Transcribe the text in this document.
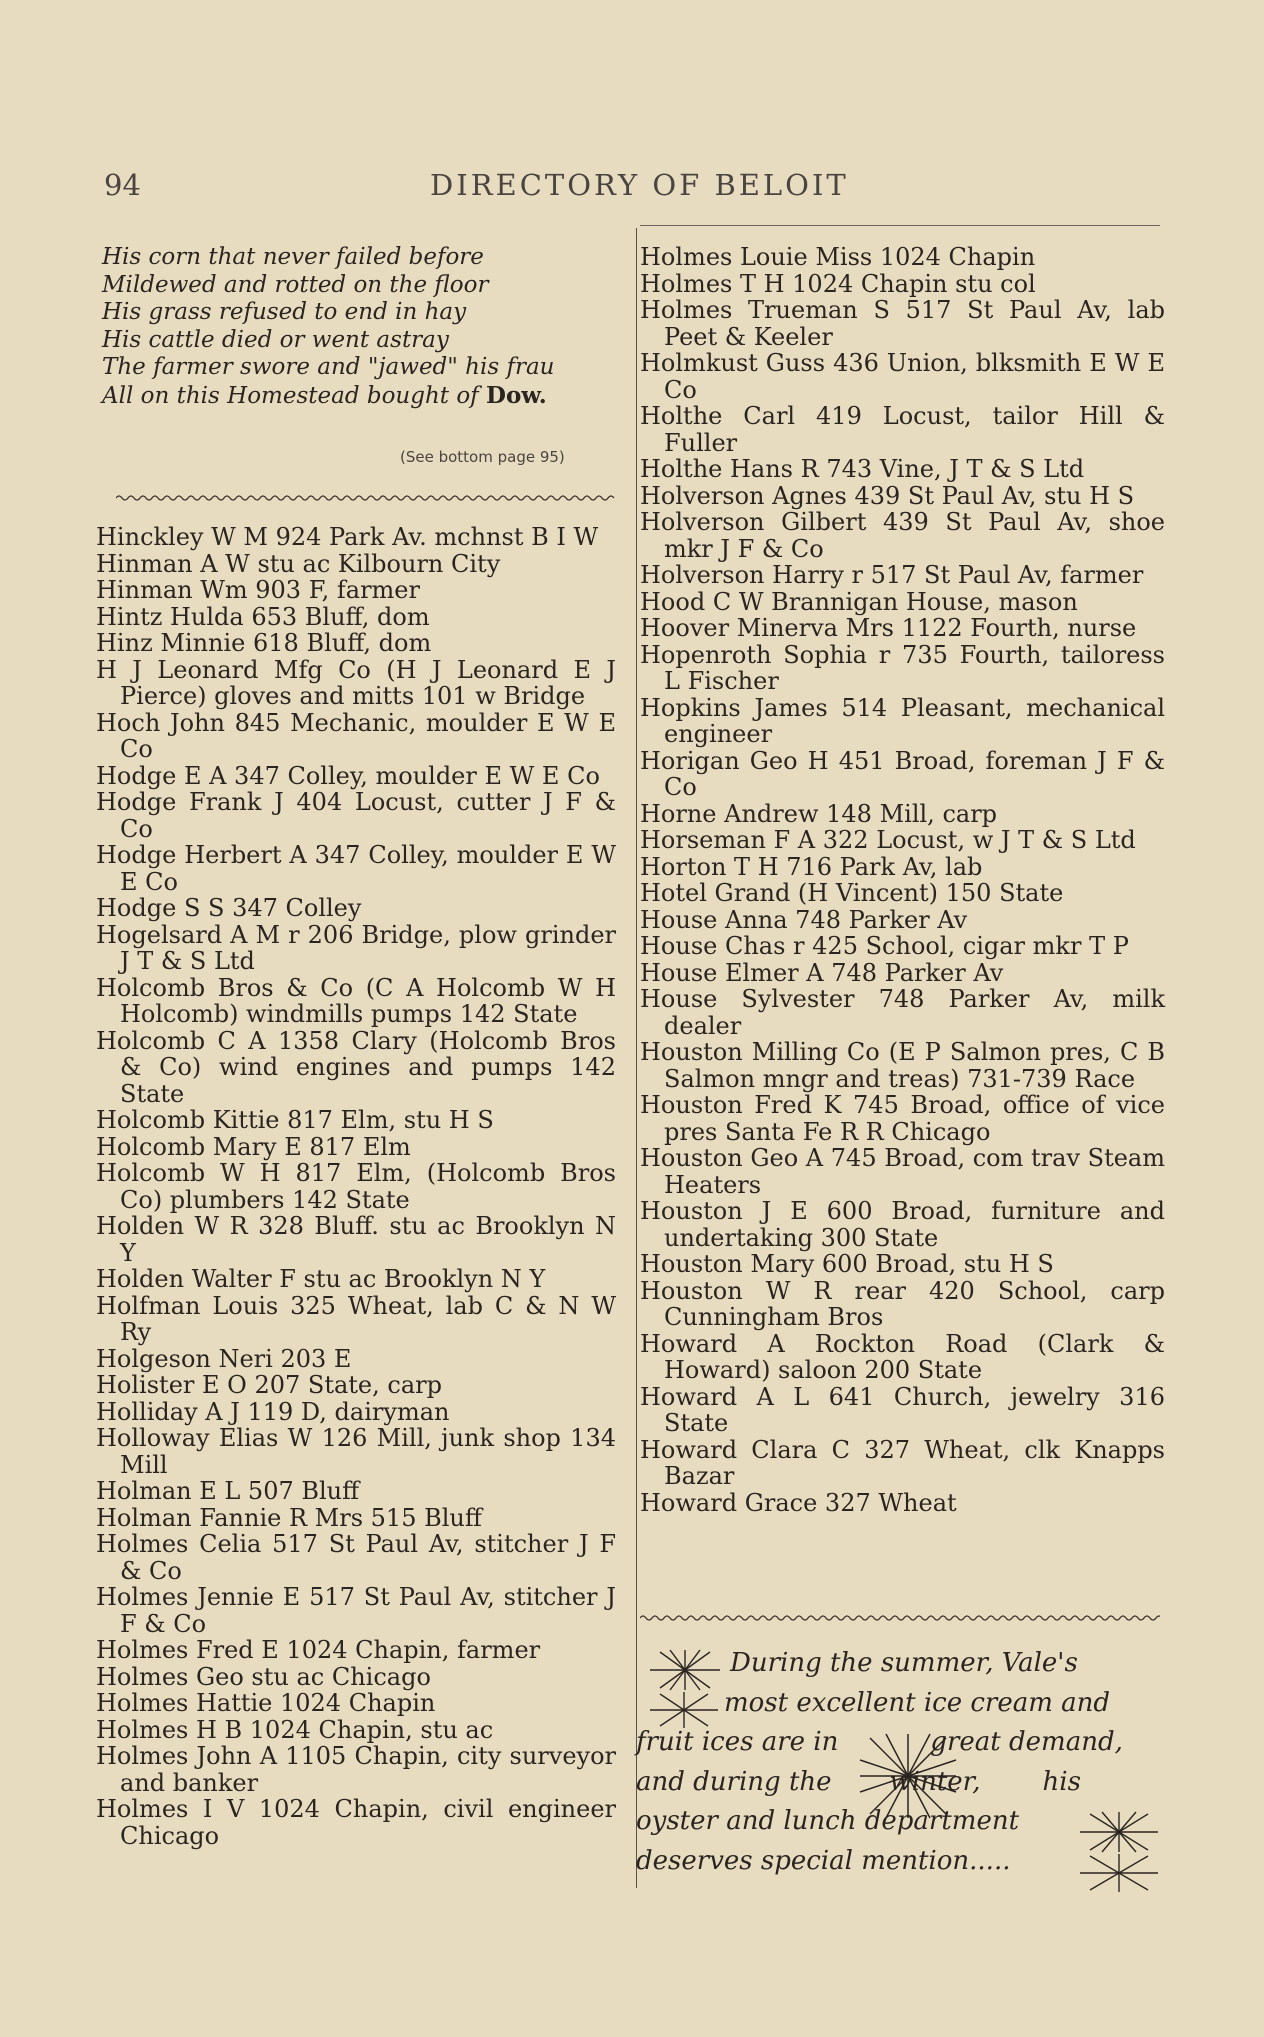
94	DIRECTORY OF BELOIT
His corn that never failed before
Mildewed and rotted on the floor
His grass refused to end in hay
His cattle died or went astray
The farmer swore and "jawed" his frau
All on this Homestead bought of Dow.
(See bottom page 95)
Hinckley W M 924 Park Av. mchnst B I W
Hinman A W stu ac Kilbourn City
Hinman Wm 903 F, farmer
Hintz Hulda 653 Bluff, dom
Hinz Minnie 618 Bluff, dom
H J Leonard Mfg Co (H J Leonard E J Pierce) gloves and mitts 101 w Bridge
Hoch John 845 Mechanic, moulder E W E Co
Hodge E A 347 Colley, moulder E W E Co
Hodge Frank J 404 Locust, cutter J F & Co
Hodge Herbert A 347 Colley, moulder E W E Co
Hodge S S 347 Colley
Hogelsard A M r 206 Bridge, plow grinder J T & S Ltd
Holcomb Bros & Co (C A Holcomb W H Holcomb) windmills pumps 142 State
Holcomb C A 1358 Clary (Holcomb Bros & Co) wind engines and pumps 142 State
Holcomb Kittie 817 Elm, stu H S
Holcomb Mary E 817 Elm
Holcomb W H 817 Elm, (Holcomb Bros Co) plumbers 142 State
Holden W R 328 Bluff. stu ac Brooklyn N Y
Holden Walter F stu ac Brooklyn N Y
Holfman Louis 325 Wheat, lab C & N W Ry
Holgeson Neri 203 E
Holister E O 207 State, carp
Holliday A J 119 D, dairyman
Holloway Elias W 126 Mill, junk shop 134 Mill
Holman E L 507 Bluff
Holman Fannie R Mrs 515 Bluff
Holmes Celia 517 St Paul Av, stitcher J F & Co
Holmes Jennie E 517 St Paul Av, stitcher J F & Co
Holmes Fred E 1024 Chapin, farmer
Holmes Geo stu ac Chicago
Holmes Hattie 1024 Chapin
Holmes H B 1024 Chapin, stu ac
Holmes John A 1105 Chapin, city surveyor and banker
Holmes I V 1024 Chapin, civil engineer Chicago
Holmes Louie Miss 1024 Chapin
Holmes T H 1024 Chapin stu col
Holmes Trueman S 517 St Paul Av, lab Peet & Keeler
Holmkust Guss 436 Union, blksmith E W E Co
Holthe Carl 419 Locust, tailor Hill & Fuller
Holthe Hans R 743 Vine, J T & S Ltd
Holverson Agnes 439 St Paul Av, stu H S
Holverson Gilbert 439 St Paul Av, shoe mkr J F & Co
Holverson Harry r 517 St Paul Av, farmer
Hood C W Brannigan House, mason
Hoover Minerva Mrs 1122 Fourth, nurse
Hopenroth Sophia r 735 Fourth, tailoress L Fischer
Hopkins James 514 Pleasant, mechanical engineer
Horigan Geo H 451 Broad, foreman J F & Co
Horne Andrew 148 Mill, carp
Horseman F A 322 Locust, w J T & S Ltd
Horton T H 716 Park Av, lab
Hotel Grand (H Vincent) 150 State
House Anna 748 Parker Av
House Chas r 425 School, cigar mkr T P
House Elmer A 748 Parker Av
House Sylvester 748 Parker Av, milk dealer
Houston Milling Co (E P Salmon pres, C B Salmon mngr and treas) 731-739 Race
Houston Fred K 745 Broad, office of vice pres Santa Fe R R Chicago
Houston Geo A 745 Broad, com trav Steam Heaters
Houston J E 600 Broad, furniture and undertaking 300 State
Houston Mary 600 Broad, stu H S
Houston W R rear 420 School, carp Cunningham Bros
Howard A Rockton Road (Clark & Howard) saloon 200 State
Howard A L 641 Church, jewelry 316 State
Howard Clara C 327 Wheat, clk Knapps Bazar
Howard Grace 327 Wheat
During the summer, Vale's
most excellent ice cream and
fruit ices are in	great demand,
and during the winter, his
oyster and lunch department
deserves special mention.....
